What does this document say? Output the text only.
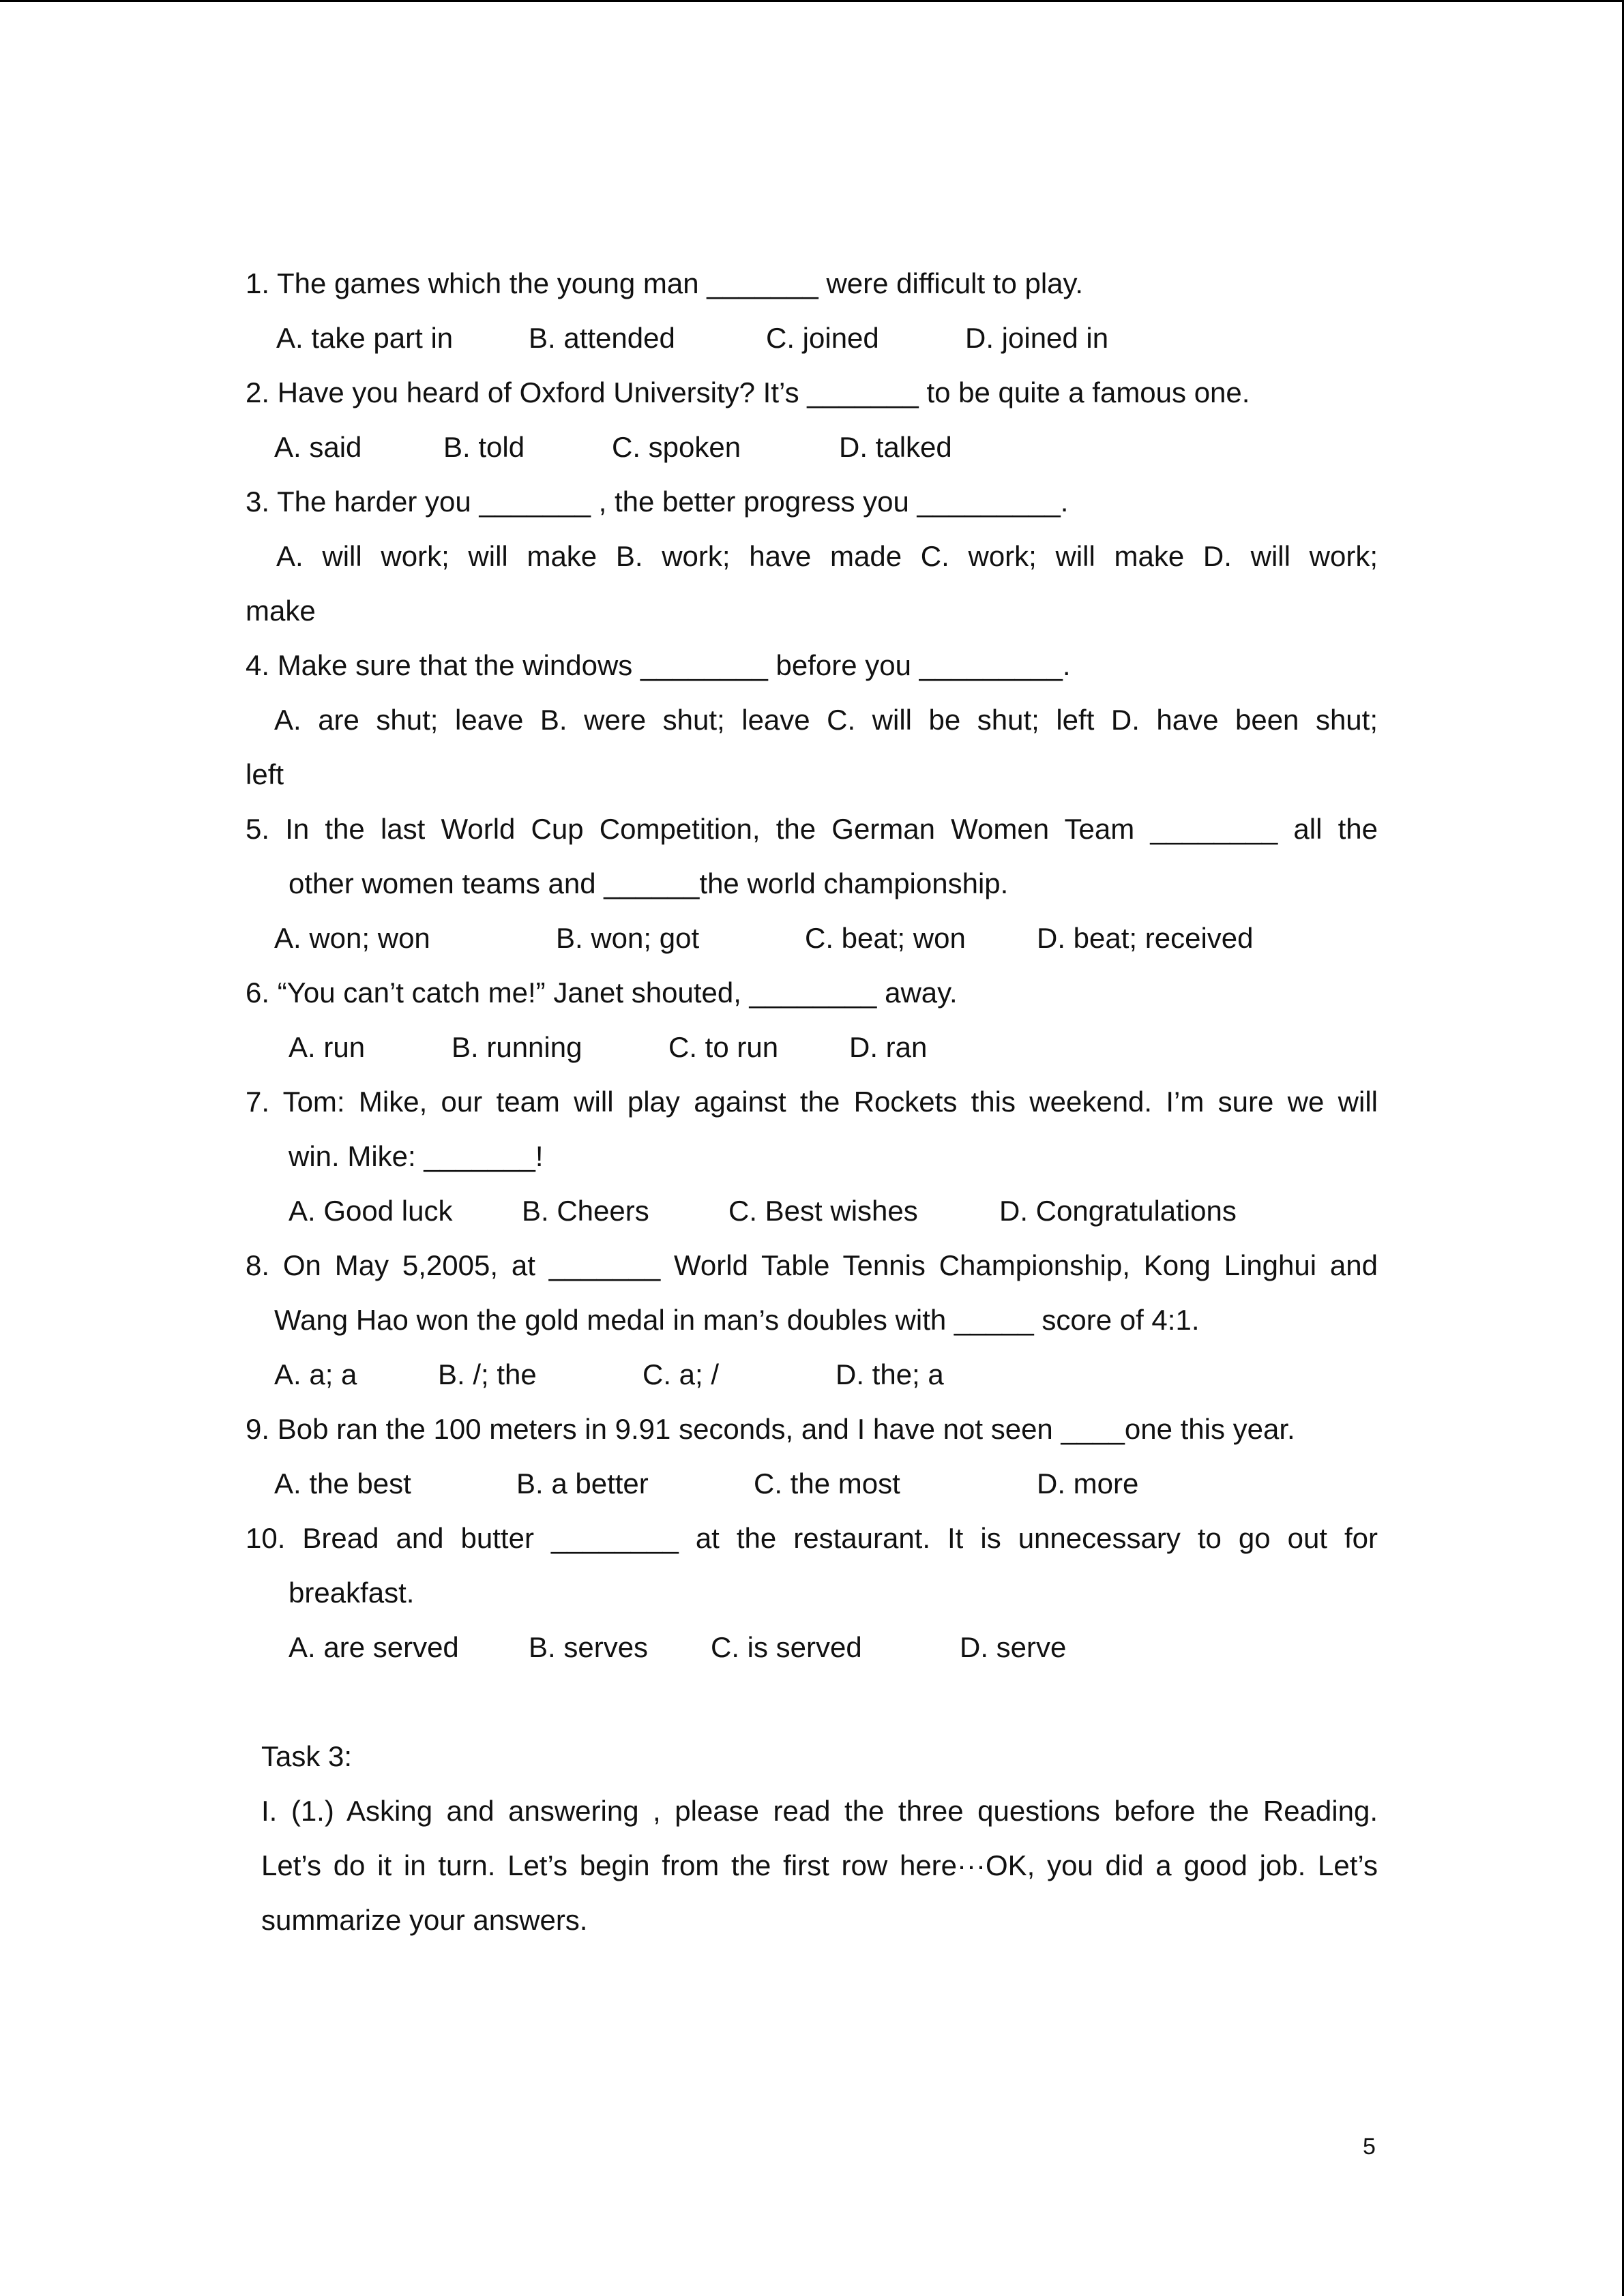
1. The games which the young man _______ were difficult to play.
A. take part in	B. attended	C. joined	D. joined in
2. Have you heard of Oxford University? It’s _______ to be quite a famous one.
A. said	B. told	C. spoken	D. talked
3. The harder you _______ , the better progress you _________.
A. will work; will make B. work; have made C. work; will make D. will work;
make
4. Make sure that the windows ________ before you _________.
A. are shut; leave B. were shut; leave C. will be shut; left D. have been shut;
left
5. In the last World Cup Competition, the German Women Team ________ all the
other women teams and ______the world championship.
A. won; won	B. won; got	C. beat; won D. beat; received
6. “You can’t catch me!” Janet shouted, ________ away.
A. run	B. running	C. to run D. ran
7. Tom: Mike, our team will play against the Rockets this weekend. I’m sure we will
win. Mike: _______!
A. Good luck B. Cheers	C. Best wishes	D. Congratulations
8. On May 5,2005, at _______ World Table Tennis Championship, Kong Linghui and
Wang Hao won the gold medal in man’s doubles with _____ score of 4:1.
A. a; a	B. /; the	C. a; /	D. the; a
9. Bob ran the 100 meters in 9.91 seconds, and I have not seen ____one this year.
A. the best	B. a better	C. the most	D. more
10. Bread and butter ________ at the restaurant. It is unnecessary to go out for
breakfast.
A. are served B. serves C. is served	D. serve
Task 3:
I. (1.) Asking and answering , please read the three questions before the Reading.
Let’s do it in turn. Let’s begin from the first row here···OK, you did a good job. Let’s
summarize your answers.
5
